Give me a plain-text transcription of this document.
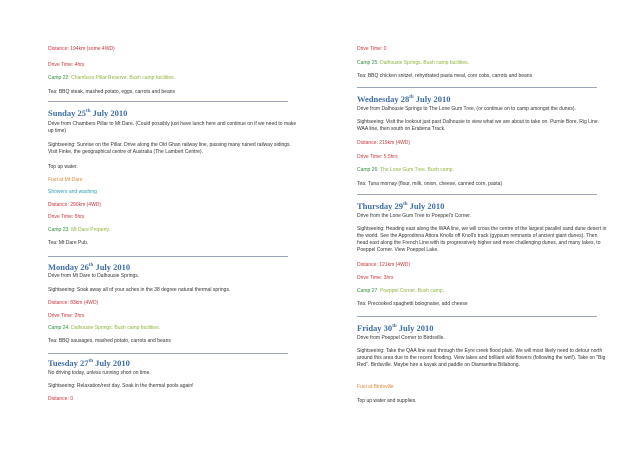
Distance: 194km (some 4WD)
Drive Time: 4hrs
Camp 22: Chambers Pillar Reserve. Bush camp facilities.
Tea: BBQ steak, mashed potato, eggs, carrots and beans
Sunday 25th July 2010
Drive from Chambers Pillar to Mt Dare. (Could possibly just have lunch here and continue on if we need to make up time)
Sightseeing: Sunrise on the Pillar. Drive along the Old Ghan railway line, passing many ruined railway sidings. Visit Finke, the geographical centre of Australia (The Lambert Centre).
Top up water.
Fuel at Mt Dare
Showers and washing
Distance: 290km (4WD)
Drive Time: 5hrs
Camp 23: Mt Dare Property.
Tea: Mt Dare Pub.
Monday 26th July 2010
Drive from Mt Dare to Dalhousie Springs.
Sightseeing: Soak away all of your aches in the 38 degree natural thermal springs.
Distance: 83km (4WD)
Drive Time: 2hrs
Camp 24: Dalhousie Springs. Bush camp facilities.
Tea: BBQ sausages, mashed potato, carrots and beans
Tuesday 27th July 2010
No driving today, unless running short on time.
Sightseeing: Relaxation/rest day. Soak in the thermal pools again!
Distance: 0
Drive Time: 0
Camp 25: Dalhousie Springs. Bush camp facilities.
Tea: BBQ chicken snitzel, rehydrated pasta meal, corn cobs, carrots and beans
Wednesday 28th July 2010
Drive from Dalhousie Springs to The Lone Gum Tree, (or continue on to camp amongst the dunes).
Sightseeing: Visit the lookout just past Dalhousie to view what we are about to take on. Purnie Bore. Rig Line. WAA line, then south on Erabena Track.
Distance: 219km (4WD)
Drive Time: 5.5hrs
Camp 26: The Lone Gum Tree. Bush camp.
Tea: Tuna mornay (flour, milk, onion, cheese, canned corn, pasta)
Thursday 29th July 2010
Drive from the Lone Gum Tree to Poeppel's Corner.
Sightseeing: Heading east along the WAA line, we will cross the centre of the largest parallel sand dune desert in the world. See the Approdinna Attora Knolls off Knoll's track (gypsum remnants of ancient giant dunes). Then head east along the French Line with its progressively higher and more challenging dunes, and many lakes, to Poeppel Corner. View Poeppel Lake.
Distance: 121km (4WD)
Drive Time: 3hrs
Camp 27: Poeppel Corner. Bush camp.
Tea: Precooked spaghetti bolognaise, add cheese
Friday 30th July 2010
Drive from Poeppel Corner to Birdsville.
Sightseeing: Take the QAA line east through the Eyre creek flood plain. We will most likely need to detour north around this area due to the recent flooding. View lakes and brilliant wild flowers (following the wet!). Take on "Big Red". Birdsville. Maybe hire a kayak and paddle on Diamantina Billabong.
Fuel at Birdsville
Top up water and supplies.
